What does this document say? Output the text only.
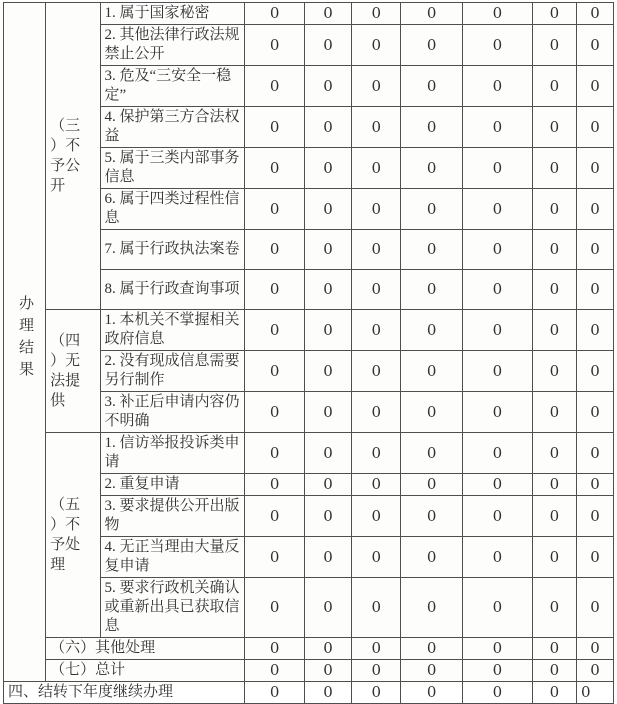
办理结果	（三）不予公开	1. 属于国家秘密	0	0	0	0	0	0	0
		2. 其他法律行政法规禁止公开	0	0	0	0	0	0	0
		3. 危及“三安全一稳定”	0	0	0	0	0	0	0
		4. 保护第三方合法权益	0	0	0	0	0	0	0
		5. 属于三类内部事务信息	0	0	0	0	0	0	0
		6. 属于四类过程性信息	0	0	0	0	0	0	0
		7. 属于行政执法案卷	0	0	0	0	0	0	0
		8. 属于行政查询事项	0	0	0	0	0	0	0

	（四）无法提供	1. 本机关不掌握相关政府信息	0	0	0	0	0	0	0
		2. 没有现成信息需要另行制作	0	0	0	0	0	0	0
		3. 补正后申请内容仍不明确	0	0	0	0	0	0	0

	（五）不予处理	1. 信访举报投诉类申请	0	0	0	0	0	0	0
		2. 重复申请	0	0	0	0	0	0	0
		3. 要求提供公开出版物	0	0	0	0	0	0	0
		4. 无正当理由大量反复申请	0	0	0	0	0	0	0
		5. 要求行政机关确认或重新出具已获取信息	0	0	0	0	0	0	0
	（六）其他处理		0	0	0	0	0	0	0
	（七）总计		0	0	0	0	0	0	0
四、结转下年度继续办理			0	0	0	0	0	0	0
